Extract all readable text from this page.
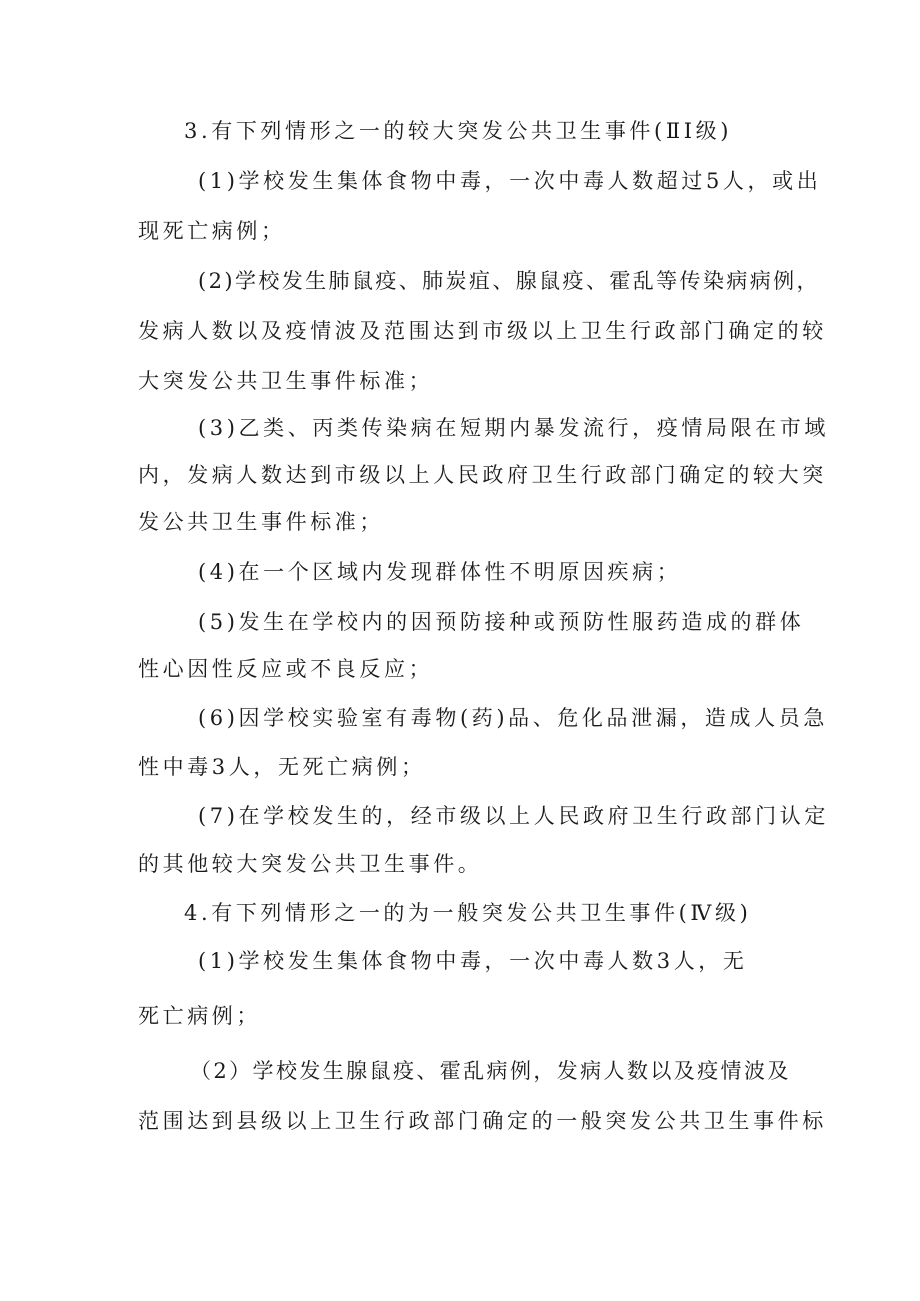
3.有下列情形之一的较大突发公共卫生事件(ⅡI级)
(1)学校发生集体食物中毒，一次中毒人数超过5人，或出
现死亡病例；
(2)学校发生肺鼠疫、肺炭疽、腺鼠疫、霍乱等传染病病例，
发病人数以及疫情波及范围达到市级以上卫生行政部门确定的较
大突发公共卫生事件标准；
(3)乙类、丙类传染病在短期内暴发流行，疫情局限在市域
内，发病人数达到市级以上人民政府卫生行政部门确定的较大突
发公共卫生事件标准；
(4)在一个区域内发现群体性不明原因疾病；
(5)发生在学校内的因预防接种或预防性服药造成的群体
性心因性反应或不良反应；
(6)因学校实验室有毒物(药)品、危化品泄漏，造成人员急
性中毒3人，无死亡病例；
(7)在学校发生的，经市级以上人民政府卫生行政部门认定
的其他较大突发公共卫生事件。
4.有下列情形之一的为一般突发公共卫生事件(Ⅳ级)
(1)学校发生集体食物中毒，一次中毒人数3人，无
死亡病例；
（2）学校发生腺鼠疫、霍乱病例，发病人数以及疫情波及
范围达到县级以上卫生行政部门确定的一般突发公共卫生事件标
